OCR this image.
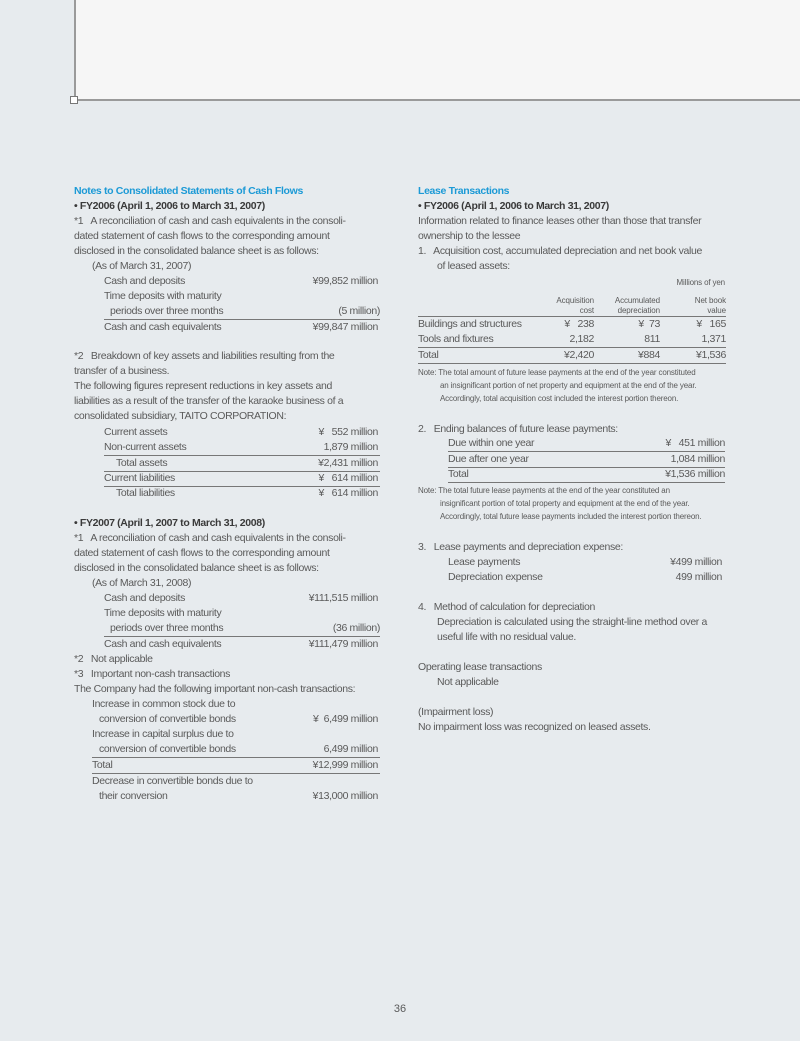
Notes to Consolidated Statements of Cash Flows
• FY2006 (April 1, 2006 to March 31, 2007)
*1   A reconciliation of cash and cash equivalents in the consoli-
dated statement of cash flows to the corresponding amount
disclosed in the consolidated balance sheet is as follows:
(As of March 31, 2007)
Cash and deposits	¥99,852 million
Time deposits with maturity
periods over three months	(5 million)
Cash and cash equivalents	¥99,847 million
*2   Breakdown of key assets and liabilities resulting from the
transfer of a business.
The following figures represent reductions in key assets and
liabilities as a result of the transfer of the karaoke business of a
consolidated subsidiary, TAITO CORPORATION:
Current assets	¥   552 million
Non-current assets	1,879 million
Total assets	¥2,431 million
Current liabilities	¥   614 million
Total liabilities	¥   614 million
• FY2007 (April 1, 2007 to March 31, 2008)
*1   A reconciliation of cash and cash equivalents in the consoli-
dated statement of cash flows to the corresponding amount
disclosed in the consolidated balance sheet is as follows:
(As of March 31, 2008)
Cash and deposits	¥111,515 million
Time deposits with maturity
periods over three months	(36 million)
Cash and cash equivalents	¥111,479 million
*2   Not applicable
*3   Important non-cash transactions
The Company had the following important non-cash transactions:
Increase in common stock due to
conversion of convertible bonds	¥  6,499 million
Increase in capital surplus due to
conversion of convertible bonds	6,499 million
Total	¥12,999 million
Decrease in convertible bonds due to
their conversion	¥13,000 million
Lease Transactions
• FY2006 (April 1, 2006 to March 31, 2007)
Information related to finance leases other than those that transfer
ownership to the lessee
1.   Acquisition cost, accumulated depreciation and net book value
of leased assets:
Millions of yen
Acquisition
cost
Accumulated
depreciation
Net book
value
Buildings and structures	¥   238	¥  73	¥   165
Tools and fixtures	2,182	811	1,371
Total	¥2,420	¥884	¥1,536
Note: The total amount of future lease payments at the end of the year constituted
an insignificant portion of net property and equipment at the end of the year.
Accordingly, total acquisition cost included the interest portion thereon.
2.   Ending balances of future lease payments:
Due within one year	¥   451 million
Due after one year	1,084 million
Total	¥1,536 million
Note: The total future lease payments at the end of the year constituted an
insignificant portion of total property and equipment at the end of the year.
Accordingly, total future lease payments included the interest portion thereon.
3.   Lease payments and depreciation expense:
Lease payments	¥499 million
Depreciation expense	499 million
4.   Method of calculation for depreciation
Depreciation is calculated using the straight-line method over a
useful life with no residual value.
Operating lease transactions
Not applicable
(Impairment loss)
No impairment loss was recognized on leased assets.
36
